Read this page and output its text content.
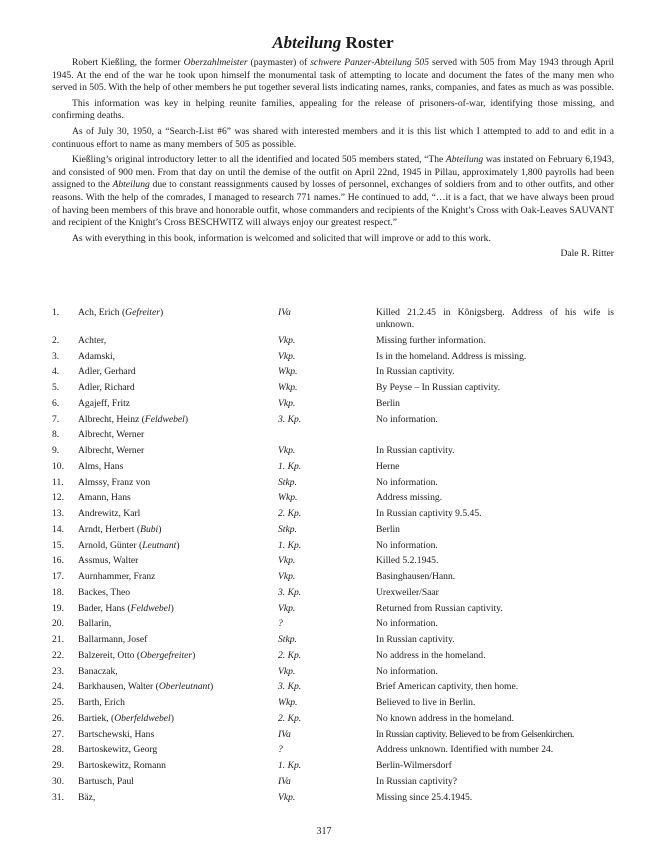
Abteilung Roster

Robert Kießling, the former Oberzahlmeister (paymaster) of schwere Panzer-Abteilung 505 served with 505 from May 1943 through April 1945. At the end of the war he took upon himself the monumental task of attempting to locate and document the fates of the many men who served in 505. With the help of other members he put together several lists indicating names, ranks, companies, and fates as much as was possible.

This information was key in helping reunite families, appealing for the release of prisoners-of-war, identifying those missing, and confirming deaths.

As of July 30, 1950, a “Search-List #6” was shared with interested members and it is this list which I attempted to add to and edit in a continuous effort to name as many members of 505 as possible.

Kießling’s original introductory letter to all the identified and located 505 members stated, “The Abteilung was instated on February 6,1943, and consisted of 900 men. From that day on until the demise of the outfit on April 22nd, 1945 in Pillau, approximately 1,800 payrolls had been assigned to the Abteilung due to constant reassignments caused by losses of personnel, exchanges of soldiers from and to other outfits, and other reasons. With the help of the comrades, I managed to research 771 names.” He continued to add, “…it is a fact, that we have always been proud of having been members of this brave and honorable outfit, whose commanders and recipients of the Knight’s Cross with Oak-Leaves SAUVANT and recipient of the Knight’s Cross BESCHWITZ will always enjoy our greatest respect.”

As with everything in this book, information is welcomed and solicited that will improve or add to this work.

Dale R. Ritter
1.	Ach, Erich (Gefreiter)	IVa	Killed 21.2.45 in Kônigsberg. Address of his wife is unknown.
2.	Achter,	Vkp.	Missing further information.
3.	Adamski,	Vkp.	Is in the homeland. Address is missing.
4.	Adler, Gerhard	Wkp.	In Russian captivity.
5.	Adler, Richard	Wkp.	By Peyse – In Russian captivity.
6.	Agajeff, Fritz	Vkp.	Berlin
7.	Albrecht, Heinz (Feldwebel)	3. Kp.	No information.
8.	Albrecht, Werner
9.	Albrecht, Werner	Vkp.	In Russian captivity.
10.	Alms, Hans	1. Kp.	Herne
11.	Almssy, Franz von	Stkp.	No information.
12.	Amann, Hans	Wkp.	Address missing.
13.	Andrewitz, Karl	2. Kp.	In Russian captivity 9.5.45.
14.	Arndt, Herbert (Bubi)	Stkp.	Berlin
15.	Arnold, Günter (Leutnant)	1. Kp.	No information.
16.	Assmus, Walter	Vkp.	Killed 5.2.1945.
17.	Aurnhammer, Franz	Vkp.	Basinghausen/Hann.
18.	Backes, Theo	3. Kp.	Urexweiler/Saar
19.	Bader, Hans (Feldwebel)	Vkp.	Returned from Russian captivity.
20.	Ballarin,	?	No information.
21.	Ballarmann, Josef	Stkp.	In Russian captivity.
22.	Balzereit, Otto (Obergefreiter)	2. Kp.	No address in the homeland.
23.	Banaczak,	Vkp.	No information.
24.	Barkhausen, Walter (Oberleutnant)	3. Kp.	Brief American captivity, then home.
25.	Barth, Erich	Wkp.	Believed to live in Berlin.
26.	Bartiek, (Oberfeldwebel)	2. Kp.	No known address in the homeland.
27.	Bartschewski, Hans	IVa	In Russian captivity. Believed to be from Gelsenkirchen.
28.	Bartoskewitz, Georg	?	Address unknown. Identified with number 24.
29.	Bartoskewitz, Romann	1. Kp.	Berlin-Wilmersdorf
30.	Bartusch, Paul	IVa	In Russian captivity?
31.	Bäz,	Vkp.	Missing since 25.4.1945.
317
